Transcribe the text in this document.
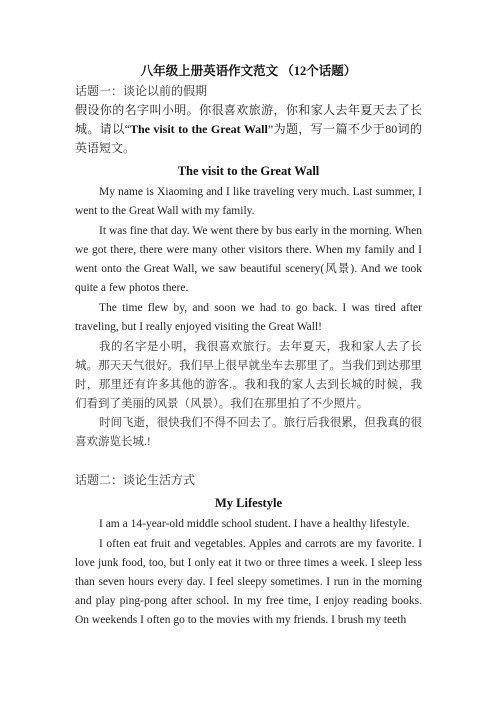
八年级上册英语作文范文 （12个话题）

话题一：谈论以前的假期

假设你的名字叫小明。你很喜欢旅游，你和家人去年夏天去了长城。请以“The visit to the Great Wall”为题，写一篇不少于80词的英语短文。

The visit to the Great Wall

My name is Xiaoming and I like traveling very much. Last summer, I went to the Great Wall with my family.

It was fine that day. We went there by bus early in the morning. When we got there, there were many other visitors there. When my family and I went onto the Great Wall, we saw beautiful scenery(风景). And we took quite a few photos there.

The time flew by, and soon we had to go back. I was tired after traveling, but I really enjoyed visiting the Great Wall!

我的名字是小明，我很喜欢旅行。去年夏天，我和家人去了长城。那天天气很好。我们早上很早就坐车去那里了。当我们到达那里时，那里还有许多其他的游客.。我和我的家人去到长城的时候，我们看到了美丽的风景（风景）。我们在那里拍了不少照片。

时间飞逝，很快我们不得不回去了。旅行后我很累，但我真的很喜欢游览长城.!

话题二：谈论生活方式

My Lifestyle

I am a 14-year-old middle school student. I have a healthy lifestyle.

I often eat fruit and vegetables. Apples and carrots are my favorite. I love junk food, too, but I only eat it two or three times a week. I sleep less than seven hours every day. I feel sleepy sometimes. I run in the morning and play ping-pong after school. In my free time, I enjoy reading books. On weekends I often go to the movies with my friends. I brush my teeth
